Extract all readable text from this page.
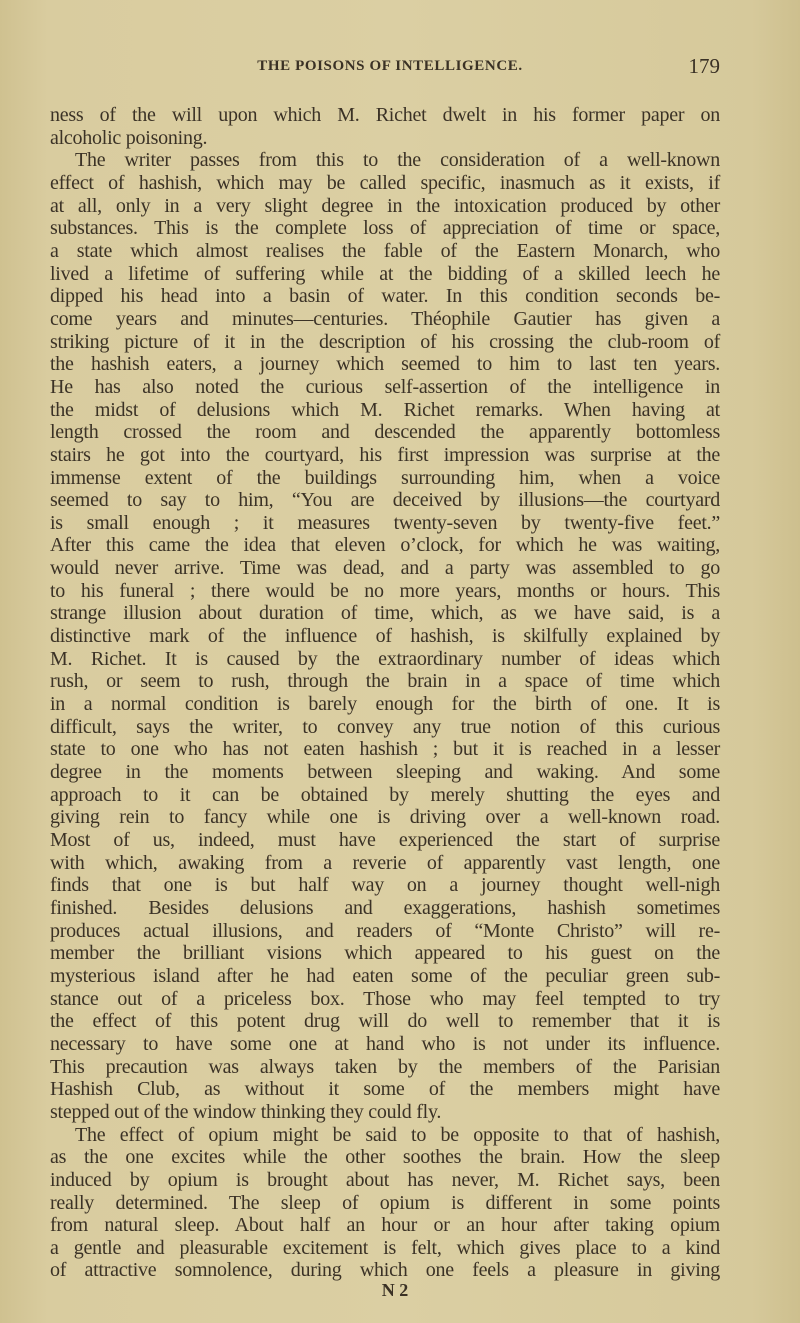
THE POISONS OF INTELLIGENCE.	179
ness of the will upon which M. Richet dwelt in his former paper on
alcoholic poisoning.
The writer passes from this to the consideration of a well-known
effect of hashish, which may be called specific, inasmuch as it exists, if
at all, only in a very slight degree in the intoxication produced by other
substances. This is the complete loss of appreciation of time or space,
a state which almost realises the fable of the Eastern Monarch, who
lived a lifetime of suffering while at the bidding of a skilled leech he
dipped his head into a basin of water. In this condition seconds be-
come years and minutes—centuries. Théophile Gautier has given a
striking picture of it in the description of his crossing the club-room of
the hashish eaters, a journey which seemed to him to last ten years.
He has also noted the curious self-assertion of the intelligence in
the midst of delusions which M. Richet remarks. When having at
length crossed the room and descended the apparently bottomless
stairs he got into the courtyard, his first impression was surprise at the
immense extent of the buildings surrounding him, when a voice
seemed to say to him, “You are deceived by illusions—the courtyard
is small enough ; it measures twenty-seven by twenty-five feet.”
After this came the idea that eleven o’clock, for which he was waiting,
would never arrive. Time was dead, and a party was assembled to go
to his funeral ; there would be no more years, months or hours. This
strange illusion about duration of time, which, as we have said, is a
distinctive mark of the influence of hashish, is skilfully explained by
M. Richet. It is caused by the extraordinary number of ideas which
rush, or seem to rush, through the brain in a space of time which
in a normal condition is barely enough for the birth of one. It is
difficult, says the writer, to convey any true notion of this curious
state to one who has not eaten hashish ; but it is reached in a lesser
degree in the moments between sleeping and waking. And some
approach to it can be obtained by merely shutting the eyes and
giving rein to fancy while one is driving over a well-known road.
Most of us, indeed, must have experienced the start of surprise
with which, awaking from a reverie of apparently vast length, one
finds that one is but half way on a journey thought well-nigh
finished. Besides delusions and exaggerations, hashish sometimes
produces actual illusions, and readers of “Monte Christo” will re-
member the brilliant visions which appeared to his guest on the
mysterious island after he had eaten some of the peculiar green sub-
stance out of a priceless box. Those who may feel tempted to try
the effect of this potent drug will do well to remember that it is
necessary to have some one at hand who is not under its influence.
This precaution was always taken by the members of the Parisian
Hashish Club, as without it some of the members might have
stepped out of the window thinking they could fly.
The effect of opium might be said to be opposite to that of hashish,
as the one excites while the other soothes the brain. How the sleep
induced by opium is brought about has never, M. Richet says, been
really determined. The sleep of opium is different in some points
from natural sleep. About half an hour or an hour after taking opium
a gentle and pleasurable excitement is felt, which gives place to a kind
of attractive somnolence, during which one feels a pleasure in giving
N 2
